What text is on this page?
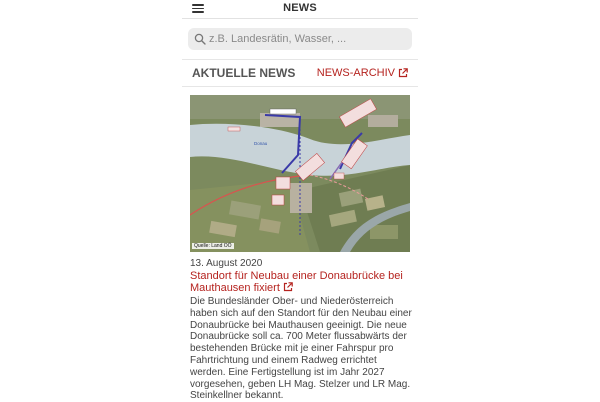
NEWS
z.B. Landesrätin, Wasser, ...
AKTUELLE NEWS NEWS-ARCHIV
Donau
Quelle: Land OÖ
13. August 2020
Standort für Neubau einer Donaubrücke bei Mauthausen fixiert
Die Bundesländer Ober- und Niederösterreich
haben sich auf den Standort für den Neubau einer
Donaubrücke bei Mauthausen geeinigt. Die neue
Donaubrücke soll ca. 700 Meter flussabwärts der
bestehenden Brücke mit je einer Fahrspur pro
Fahrtrichtung und einem Radweg errichtet
werden. Eine Fertigstellung ist im Jahr 2027
vorgesehen, geben LH Mag. Stelzer und LR Mag.
Steinkellner bekannt.
